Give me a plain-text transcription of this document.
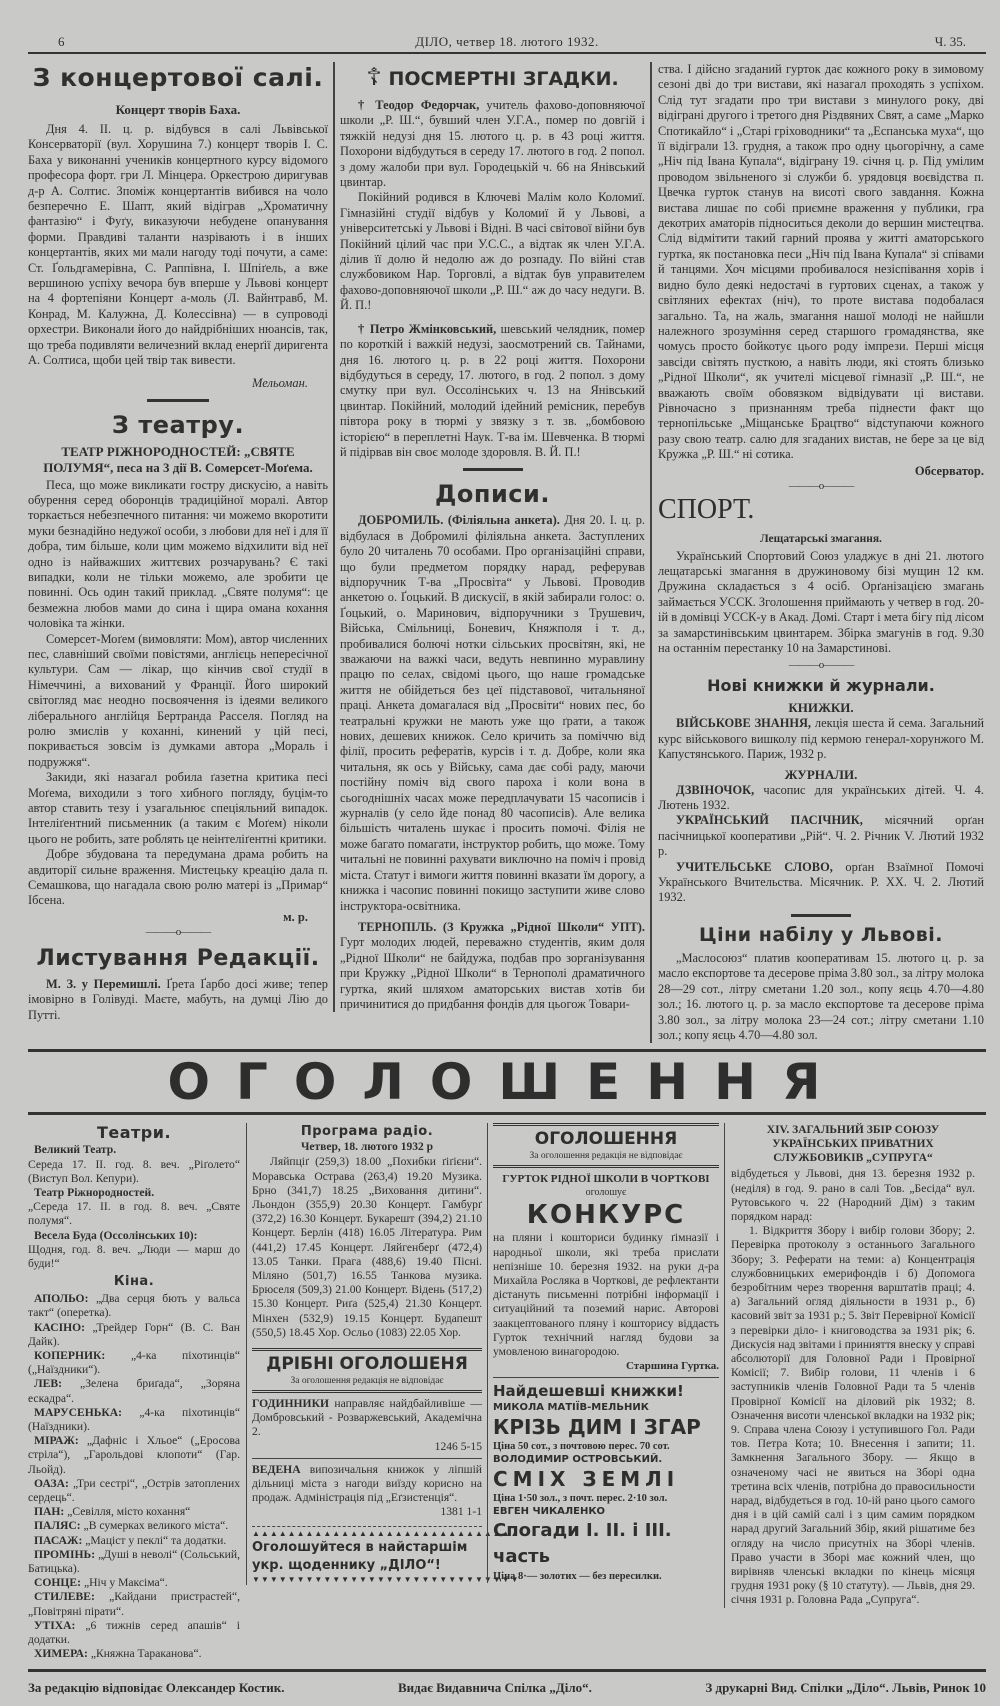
6	ДІЛО, четвер 18. лютого 1932.	Ч. 35.
З концертової салі.
Концерт творів Баха.

Дня 4. II. ц. р. відбувся в салі Львівської Консерваторії (вул. Хорушина 7.) концерт творів І. С. Баха у виконанні учеників концертного курсу відомого професора форт. гри Л. Мінцера. Оркестрою диригував д-р А. Солтис. Зпоміж концертантів вибився на чоло безперечно Е. Шапт, який відіграв „Хроматичну фантазію“ і Фуґу, виказуючи небудене опанування форми. Правдиві таланти назрівають і в інших концертантів, яких ми мали нагоду тоді почути, а саме: Ст. Ґольдгамерівна, С. Раппівна, І. Шпіґель, а вже вершиною успіху вечора був вперше у Львові концерт на 4 фортепіяни Концерт а-моль (Л. Вайнтравб, М. Конрад, М. Калужна, Д. Колессівна) — в супроводі орхестри. Виконали його до найдрібніших нюансів, так, що треба подивляти величезний вклад енерґії диригента А. Солтиса, щоби цей твір так вивести.

Мельоман.
З театру.

ТЕАТР РІЖНОРОДНОСТЕЙ: „СВЯТЕ ПОЛУМЯ“, песа на 3 дії В. Сомерсет-Моґема.

Песа, що може викликати гостру дискусію, а навіть обурення серед оборонців традиційної моралі. Автор торкається небезпечного питання: чи можемо вкоротити муки безнадійно недужої особи, з любови для неї і для її добра, тим більше, коли цим можемо відхилити від неї одно із найважших життєвих розчарувань? Є такі випадки, коли не тільки можемо, але зробити це повинні. Ось один такий приклад. „Святе полумя“: це безмежна любов мами до сина і щира омана кохання чоловіка та жінки.

Сомерсет-Моґем (вимовляти: Мом), автор численних пес, славніший своїми повістями, англієць непересічної культури. Сам — лікар, що кінчив свої студії в Німеччині, а вихований у Франції. Його широкий світогляд має неодно посвоячення із ідеями великого ліберального англійця Бертранда Расселя. Погляд на ролю змислів у коханні, кинений у цій песі, покривається зовсім із думками автора „Мораль і подружжя“.

Закиди, які назагал робила ґазетна критика песі Моґема, виходили з того хибного погляду, буцім-то автор ставить тезу і узагальнює спеціяльний випадок. Інтеліґентний письменник (а таким є Моґем) ніколи цього не робить, зате роблять це неінтеліґентні критики.

Добре збудована та передумана драма робить на авдиторії сильне враження. Мистецьку креацію дала п. Семашкова, що нагадала свою ролю матері із „Примар“ Ібсена.

м. р.
———o———
Листування Редакції.

М. З. у Перемишлі. Ґрета Ґарбо досі живе; тепер імовірно в Голівуді. Маєте, мабуть, на думці Лію до Путті.

☦ ПОСМЕРТНІ ЗГАДКИ.

† Теодор Федорчак, учитель фахово-доповняючої школи „Р. Ш.“, бувший член У.Г.А., помер по довгій і тяжкій недузі дня 15. лютого ц. р. в 43 році життя. Похорони відбудуться в середу 17. лютого в год. 2 попол. з дому жалоби при вул. Городецькій ч. 66 на Янівський цвинтар.

Покійний родився в Ключеві Малім коло Коломиї. Гімназійні студії відбув у Коломиї й у Львові, а університетські у Львові і Відні. В часі світової війни був Покійний цілий час при У.С.С., а відтак як член У.Г.А. ділив її долю й недолю аж до розпаду. По війні став службовиком Нар. Торговлі, а відтак був управителем фахово-доповняючої школи „Р. Ш.“ аж до часу недуги. В. Й. П.!

† Петро Жмінковський, шевський челядник, помер по короткій і важкій недузі, заосмотрений св. Тайнами, дня 16. лютого ц. р. в 22 році життя. Похорони відбудуться в середу, 17. лютого, в год. 2 попол. з дому смутку при вул. Оссолінських ч. 13 на Янівський цвинтар. Покійний, молодий ідейний ремісник, перебув півтора року в тюрмі у звязку з т. зв. „бомбовою історією“ в переплетні Наук. Т-ва ім. Шевченка. В тюрмі й підірвав він своє молоде здоровля. В. Й. П.!

Дописи.

ДОБРОМИЛЬ. (Філіяльна анкета). Дня 20. І. ц. р. відбулася в Добромилі філіяльна анкета. Заступлених було 20 читалень 70 особами. Про організаційні справи, що були предметом порядку нарад, реферував відпоручник Т-ва „Просвіта“ у Львові. Проводив анкетою о. Ґоцький. В дискусії, в якій забирали голос: о. Ґоцький, о. Маринович, відпоручники з Трушевич, Війська, Смільниці, Боневич, Княжполя і т. д., пробивалися болючі нотки сільських просвітян, які, не зважаючи на важкі часи, ведуть невпинно муравлину працю по селах, свідомі цього, що наше громадське життя не обійдеться без цеї підставової, читальняної праці. Анкета домагалася від „Просвіти“ нових пес, бо театральні кружки не мають уже що ґрати, а також нових, дешевих книжок. Село кричить за поміччю від філії, просить рефератів, курсів і т. д. Добре, коли яка читальня, як ось у Війську, сама дає собі раду, маючи постійну поміч від свого пароха і коли вона в сьогоднішніх часах може передплачувати 15 часописів і журналів (у село йде понад 80 часописів). Але велика більшість читалень шукає і просить помочі. Філія не може багато помагати, інструктор робить, що може. Тому читальні не повинні рахувати виключно на поміч і провід міста. Статут і вимоги життя повинні вказати їм дорогу, а книжка і часопис повинні покищо заступити живе слово інструктора-освітника.

ТЕРНОПІЛЬ. (З Кружка „Рідної Школи“ УПТ). Гурт молодих людей, переважно студентів, яким доля „Рідної Школи“ не байдужа, подбав про зорганізування при Кружку „Рідної Школи“ в Тернополі драматичного гуртка, який шляхом аматорських вистав хотів би причинитися до придбання фондів для цьогож Товари-

ства. І дійсно згаданий гурток дає кожного року в зимовому сезоні дві до три вистави, які назагал проходять з успіхом. Слід тут згадати про три вистави з минулого року, дві відіграні другого і третого дня Різдвяних Свят, а саме „Марко Спотикайло“ і „Старі гріховодники“ та „Еспанська муха“, що її відіграли 13. грудня, а також про одну цьогорічну, а саме „Ніч під Івана Купала“, відіграну 19. січня ц. р. Під умілим проводом звільненого зі служби б. урядовця воєвідства п. Цвечка гурток станув на висоті свого завдання. Кожна вистава лишає по собі приємне враження у публики, гра декотрих аматорів підноситься деколи до вершин мистецтва. Слід відмітити такий гарний проява у житті аматорського гуртка, як постановка песи „Ніч під Івана Купала“ зі співами й танцями. Хоч місцями пробивалося незіспівання хорів і видно було деякі недостачі в гуртових сценах, а також у світляних ефектах (ніч), то проте вистава подобалася загально. Та, на жаль, змагання нашої молоді не найшли належного зрозуміння серед старшого громадянства, яке чомусь просто бойкотує цього роду імпрези. Перші місця завсіди світять пусткою, а навіть люди, які стоять близько „Рідної Школи“, як учителі місцевої гімназії „Р. Ш.“, не вважають своїм обовязком відвідувати ці вистави. Рівночасно з признанням треба піднести факт що тернопільське „Міщанське Брацтво“ відступаючи кожного разу свою театр. салю для згаданих вистав, не бере за це від Кружка „Р. Ш.“ ні сотика.

Обсерватор.
———o———
СПОРТ.
Лещатарські змагання.

Український Спортовий Союз уладжує в дні 21. лютого лещатарські змагання в дружиновому бізі мущин 12 км. Дружина складається з 4 осіб. Орґанізацією змагань займається УССК. Зголошення приймають у четвер в год. 20-ій в домівці УССК-у в Акад. Домі. Старт і мета бігу під лісом за замарстинівським цвинтарем. Збірка змагунів в год. 9.30 на останнім перестанку 10 на Замарстинові.

———o———
Нові книжки й журнали.
КНИЖКИ.

ВІЙСЬКОВЕ ЗНАННЯ, лекція шеста й сема. Загальний курс військового вишколу під кермою генерал-хорунжого М. Капустянського. Париж, 1932 р.

ЖУРНАЛИ.

ДЗВІНОЧОК, часопис для українських дітей. Ч. 4. Лютень 1932.

УКРАЇНСЬКИЙ ПАСІЧНИК, місячний орґан пасічницької кооперативи „Рій“. Ч. 2. Річник V. Лютий 1932 р.

УЧИТЕЛЬСЬКЕ СЛОВО, орґан Взаїмної Помочі Українського Вчительства. Місячник. Р. XX. Ч. 2. Лютий 1932.

Ціни набілу у Львові.

„Маслосоюз“ платив кооперативам 15. лютого ц. р. за масло експортове та десерове пріма 3.80 зол., за літру молока 28—29 сот., літру сметани 1.20 зол., копу яєць 4.70—4.80 зол.; 16. лютого ц. р. за масло експортове та десерове пріма 3.80 зол., за літру молока 23—24 сот.; літру сметани 1.10 зол.; копу яєць 4.70—4.80 зол.

ОГОЛОШЕННЯ
Театри.

Великий Театр.
Середа 17. II. год. 8. веч. „Ріґолето“ (Виступ Вол. Кепури).

Театр Ріжнородностей.
„Середа 17. II. в год. 8. веч. „Святе полумя“.

Весела Буда (Оссолінських 10):
Щодня, год. 8. веч. „Люди — марш до буди!“

Кіна.

АПОЛЬО: „Два серця бють у вальса такт“ (оперетка).

КАСІНО: „Трейдер Горн“ (В. С. Ван Дайк).

КОПЕРНИК: „4-ка піхотинців“ („Наїздники“).

ЛЕВ: „Зелена бриґада“, „Зоряна ескадра“.

МАРУСЕНЬКА: „4-ка піхотинців“ (Наїздники).

МІРАЖ: „Дафніс і Хльое“ („Еросова стріла“), „Гарольдові клопоти“ (Гар. Льойд).

ОАЗА: „Три сестрі“, „Острів затоплених сердець“.

ПАН: „Севілля, місто кохання“

ПАЛЯС: „В сумерках великого міста“.

ПАСАЖ: „Маціст у пеклі“ та додатки.

ПРОМІНЬ: „Душі в неволі“ (Сольський, Батицька).

СОНЦЕ: „Ніч у Максіма“.

СТИЛЕВЕ: „Кайдани пристрастей“, „Повітряні пірати“.

УТІХА: „6 тижнів серед апашів“ і додатки.

ХИМЕРА: „Княжна Тараканова“.

Програма радіо.
Четвер, 18. лютого 1932 р

Ляйпціґ (259,3) 18.00 „Похибки ґіґієни“. Моравська Острава (263,4) 19.20 Музика. Брно (341,7) 18.25 „Виховання дитини“. Льондон (355,9) 20.30 Концерт. Гамбурґ (372,2) 16.30 Концерт. Букарешт (394,2) 21.10 Концерт. Берлін (418) 16.05 Література. Рим (441,2) 17.45 Концерт. Ляйгенберґ (472,4) 13.05 Танки. Прага (488,6) 19.40 Пісні. Міляно (501,7) 16.55 Танкова музика. Брюселя (509,3) 21.00 Концерт. Відень (517,2) 15.30 Концерт. Риґа (525,4) 21.30 Концерт. Мінхен (532,9) 19.15 Концерт. Будапешт (550,5) 18.45 Хор. Осльо (1083) 22.05 Хор.

ДРІБНІ ОГОЛОШЕНЯ
За оголошення редакція не відповідає

ГОДИННИКИ направляє найдбайливіше — Домбровський - Розваржевський, Академічна 2.

1246 5-15

ВЕДЕНА випозичальня книжок у ліпшій дільниці міста з нагоди виїзду корисно на продаж. Адміністрація під „Еґзистенція“.

1381 1-1
▲▲▲▲▲▲▲▲▲▲▲▲▲▲▲▲▲▲▲▲▲▲▲▲▲▲▲▲▲▲
Оголошуйтеся в найстаршім
укр. щоденнику „ДІЛО“!
▼▼▼▼▼▼▼▼▼▼▼▼▼▼▼▼▼▼▼▼▼▼▼▼▼▼▼▼▼▼
ОГОЛОШЕННЯ
За оголошення редакція не відповідає
ГУРТОК РІДНОЇ ШКОЛИ В ЧОРТКОВІ
оголошує
КОНКУРС

на пляни і кошториси будинку ґімназії і народньої школи, які треба прислати непізніше 10. березня 1932. на руки д-ра Михайла Росляка в Чорткові, де рефлектанти дістануть письменні потрібні інформації і ситуаційний та поземий нарис. Авторові заакцептованого пляну і кошторису віддасть Гурток технічний нагляд будови за умовленою винагородою.

Старшина Гуртка.
Найдешевші книжки!
МИКОЛА МАТІЇВ-МЕЛЬНИК
КРІЗЬ ДИМ І ЗГАР
Ціна 50 сот., з почтовою перес. 70 сот.
ВОЛОДИМИР ОСТРОВСЬКИЙ.
СМІХ ЗЕМЛІ
Ціна 1·50 зол., з почт. перес. 2·10 зол.
ЕВГЕН ЧИКАЛЕНКО
Спогади І. ІІ. і ІІІ. часть
Ціна 8·— золотих — без пересилки.
XIV. ЗАГАЛЬНИЙ ЗБІР СОЮЗУ УКРАЇНСЬКИХ ПРИВАТНИХ СЛУЖБОВИКІВ „СУПРУГА“

відбудеться у Львові, дня 13. березня 1932 р. (неділя) в год. 9. рано в салі Тов. „Бесіда“ вул. Рутовського ч. 22 (Народний Дім) з таким порядком нарад:

1. Відкриття Збору і вибір голови Збору; 2. Перевірка протоколу з останнього Загального Збору; 3. Реферати на теми: а) Концентрація службовницьких емерифондів і б) Допомога безробітним через творення варштатів праці; 4. а) Загальний огляд діяльности в 1931 р., б) касовий звіт за 1931 р.; 5. Звіт Перевірної Комісії з перевірки діло- і книговодства за 1931 рік; 6. Дискусія над звітами і принияття внеску у справі абсолюторії для Головної Ради і Провірної Комісії; 7. Вибір голови, 11 членів і 6 заступників членів Головної Ради та 5 членів Провірної Комісії на діловий рік 1932; 8. Означення висоти членської вкладки на 1932 рік; 9. Справа члена Союзу і уступившого Гол. Ради тов. Петра Кота; 10. Внесення і запити; 11. Замкнення Загального Збору. — Якщо в означеному часі не явиться на Зборі одна третина всіх членів, потрібна до правосильности нарад, відбудеться в год. 10-ій рано цього самого дня і в цій самій салі і з цим самим порядком нарад другий Загальний Збір, який рішатиме без огляду на число присутніх на Зборі членів. Право участи в Зборі має кожний член, що вирівняв членські вкладки по кінець місяця грудня 1931 року (§ 10 статуту). — Львів, дня 29. січня 1931 р. Головна Рада „Супруга“.

За редакцію відповідає Олександер Костик.	Видає Видавнича Спілка „Діло“.	З друкарні Вид. Спілки „Діло“. Львів, Ринок 10
